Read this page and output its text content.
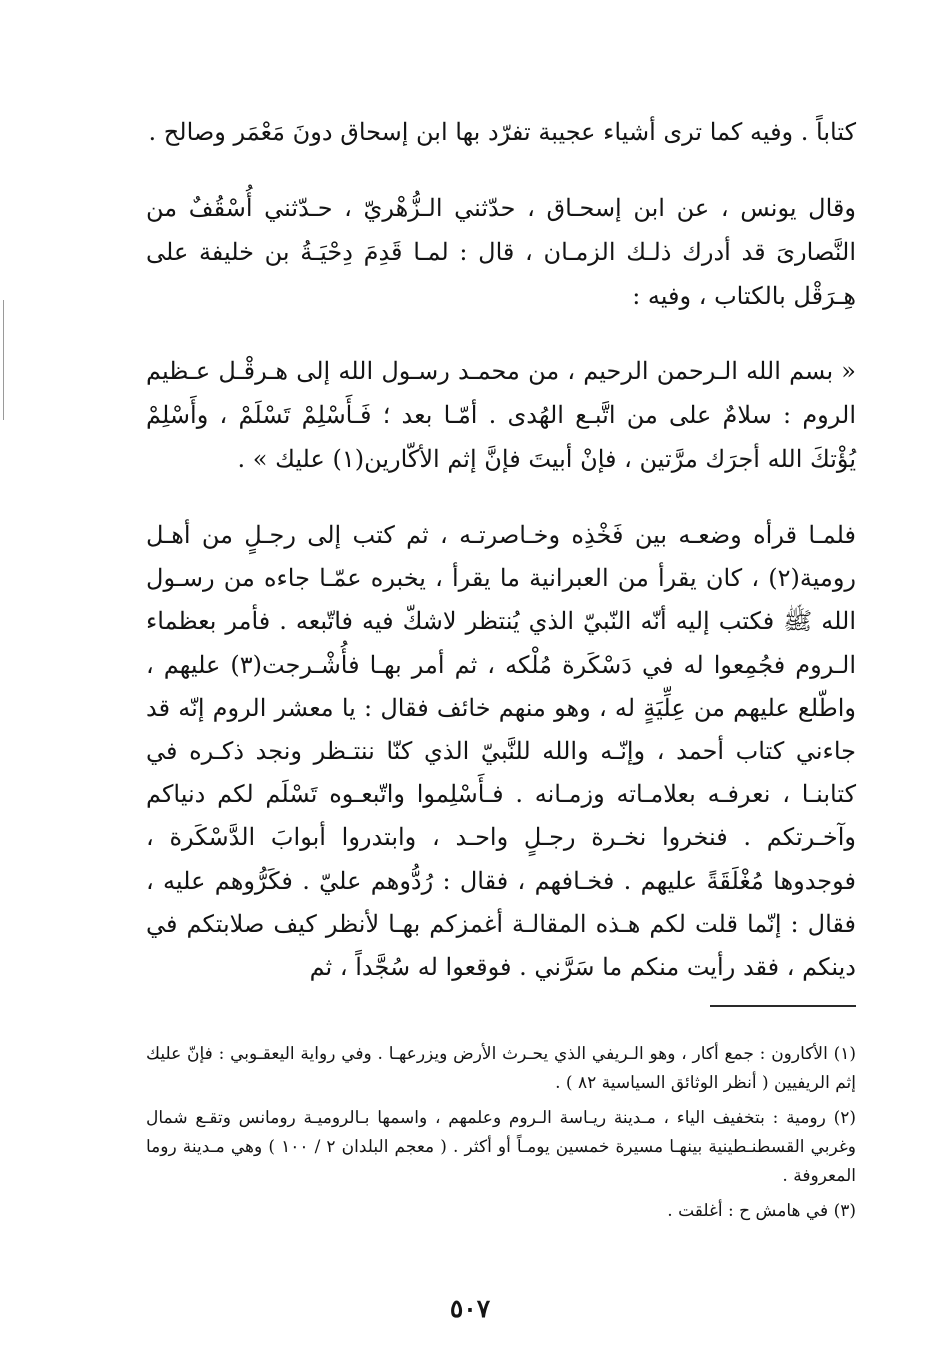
كتاباً . وفيه كما ترى أشياء عجيبة تفرّد بها ابن إسحاق دونَ مَعْمَر وصالح .

وقال يونس ، عن ابن إسحـاق ، حدّثني الـزُّهْريّ ، حـدّثني أُسْقُفٌ من النَّصارىَ قد أدرك ذلـك الزمـان ، قال : لمـا قَدِمَ دِحْيَـةُ بن خليفة على هِـرَقْل بالكتاب ، وفيه :

« بسم الله الـرحمن الرحيم ، من محمـد رسـول الله إلى هـرقْـل عـظيم الروم : سلامٌ على من اتَّبـع الهُدى . أمّـا بعد ؛ فَـأَسْلِمْ تَسْلَمْ ، وأَسْلِمْ يُؤْتكَ الله أجرَك مرَّتين ، فإنْ أبيتَ فإنَّ إثم الأكّارين(١) عليك » .

فلمـا قرأه وضعـه بين فَخْذِه وخـاصرتـه ، ثم كتب إلى رجـلٍ من أهـل رومية(٢) ، كان يقرأ من العبرانية ما يقرأ ، يخبره عمّـا جاءه من رسـول الله ﷺ فكتب إليه أنّه النّبيّ الذي يُنتظر لاشكّ فيه فاتّبعه . فأمر بعظماء الـروم فجُمِعوا له في دَسْكَرة مُلْكه ، ثم أمر بهـا فأُشْـرجت(٣) عليهم ، واطّلع عليهم من عِلِّيَةٍ له ، وهو منهم خائف فقال : يا معشر الروم إنّه قد جاءني كتاب أحمد ، وإنّـه والله للنَّبيّ الذي كنّا ننتـظر ونجد ذكـره في كتابنـا ، نعرفـه بعلامـاته وزمـانه . فـأَسْلِموا واتّبعـوه تَسْلَم لكم دنياكم وآخـرتكم . فنخروا نخـرة رجـلٍ واحـد ، وابتدروا أبوابَ الدَّسْكَرة ، فوجدوها مُغْلَقَةً عليهم . فخـافهم ، فقال : رُدُّوهم عليّ . فكَرُّوهم عليه ، فقال : إنّما قلت لكم هـذه المقالـة أغمزكم بهـا لأنظر كيف صلابتكم في دينكم ، فقد رأيت منكم ما سَرَّني . فوقعوا له سُجَّداً ، ثم

(١) الأكارون : جمع أكار ، وهو الـريفي الذي يحـرث الأرض ويزرعهـا . وفي رواية اليعقـوبي : فإنّ عليك إثم الريفيين ( أنظر الوثائق السياسية ٨٢ ) .

(٢) رومية : بتخفيف الياء ، مـدينة ريـاسة الـروم وعلمهم ، واسمها بـالروميـة رومانس وتقـع شمال وغربي القسطنـطينية بينهـا مسيرة خمسين يومـاً أو أكثر . ( معجم البلدان ٢ / ١٠٠ ) وهي مـدينة روما المعروفة .

(٣) في هامش ح : أغلقت .

٥٠٧
